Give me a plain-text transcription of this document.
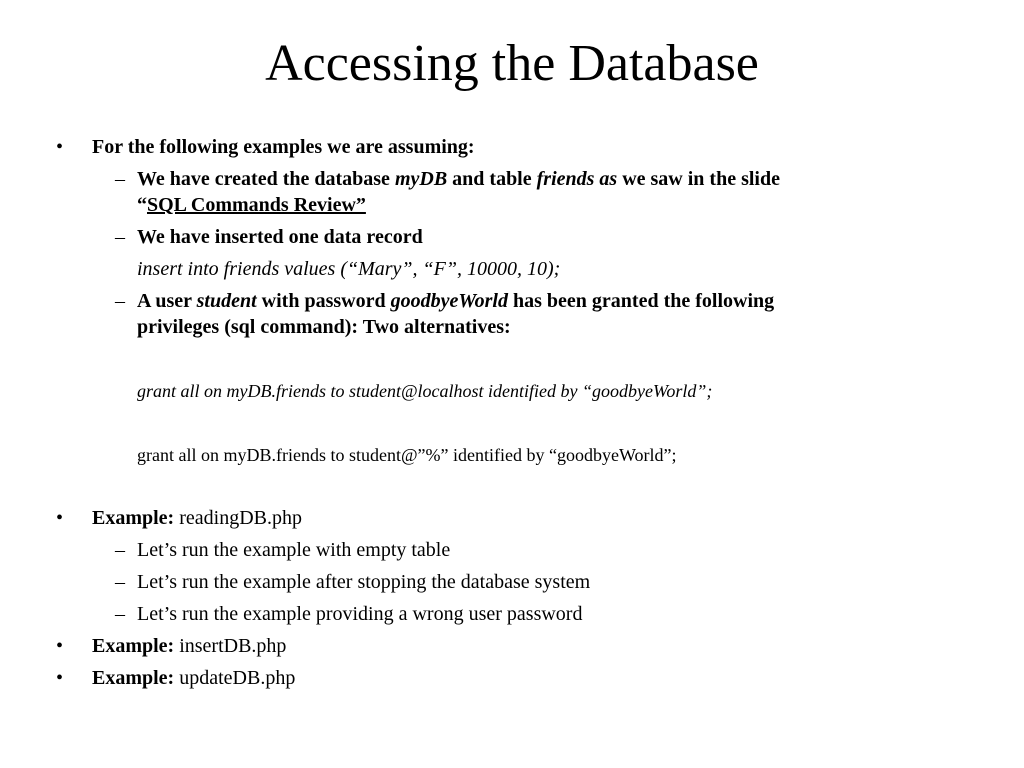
Accessing the Database
• For the following examples we are assuming:
– We have created the database myDB and table friends as we saw in the slide
“SQL Commands Review”
– We have inserted one data record
insert into friends values (“Mary”, “F”, 10000, 10);
– A user student with password goodbyeWorld has been granted the following
privileges (sql command): Two alternatives:
grant all on myDB.friends to student@localhost identified by “goodbyeWorld”;
grant all on myDB.friends to student@”%” identified by “goodbyeWorld”;
• Example: readingDB.php
– Let’s run the example with empty table
– Let’s run the example after stopping the database system
– Let’s run the example providing a wrong user password
• Example: insertDB.php
• Example: updateDB.php
